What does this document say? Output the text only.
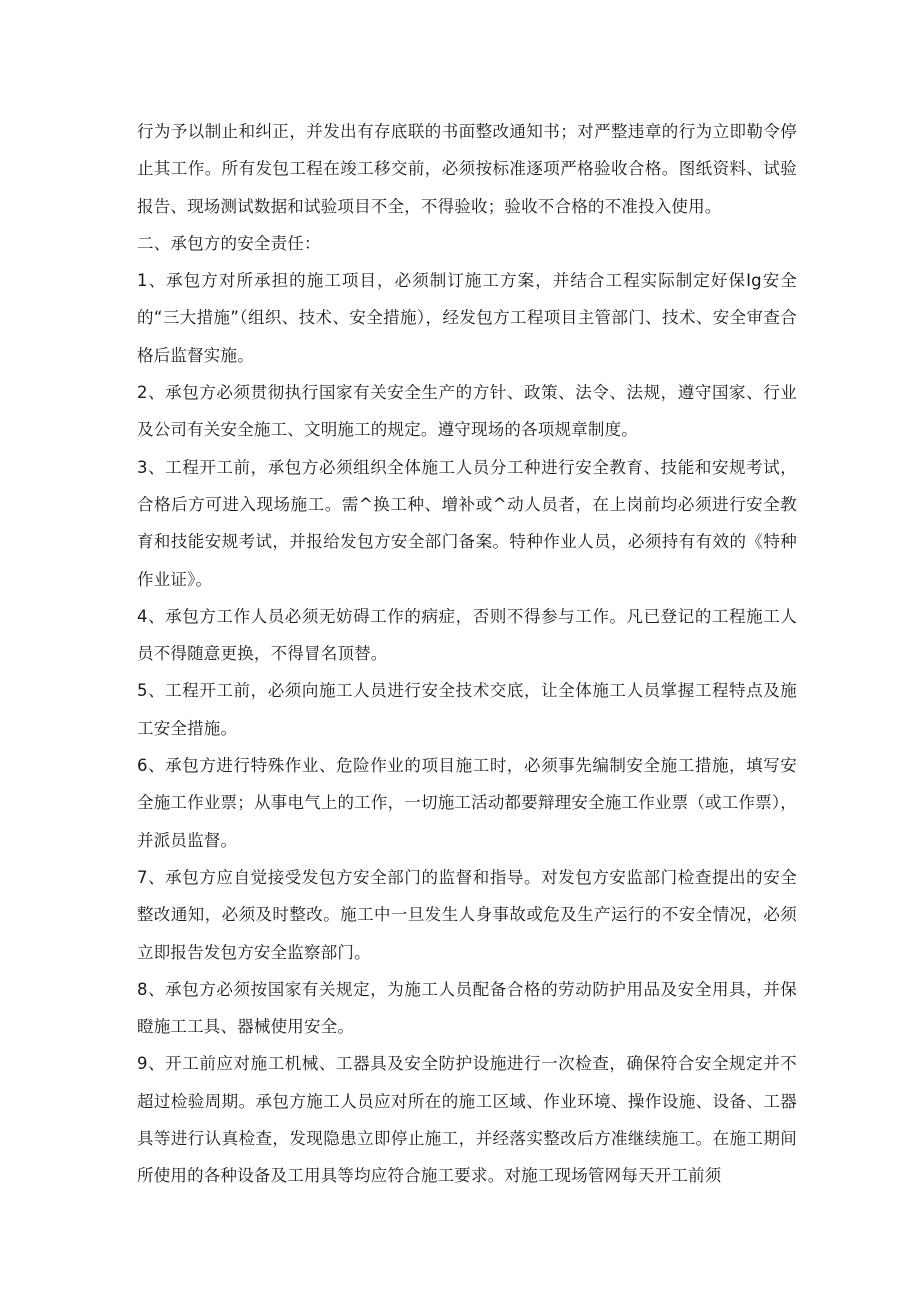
行为予以制止和纠正，并发出有存底联的书面整改通知书；对严整违章的行为立即勒令停止其工作。所有发包工程在竣工移交前，必须按标准逐项严格验收合格。图纸资料、试验报告、现场测试数据和试验项目不全，不得验收；验收不合格的不准投入使用。

二、承包方的安全责任：

1、承包方对所承担的施工项目，必须制订施工方案，并结合工程实际制定好保Ig安全的“三大措施”（组织、技术、安全措施），经发包方工程项目主管部门、技术、安全审查合格后监督实施。

2、承包方必须贯彻执行国家有关安全生产的方针、政策、法令、法规，遵守国家、行业及公司有关安全施工、文明施工的规定。遵守现场的各项规章制度。

3、工程开工前，承包方必须组织全体施工人员分工种进行安全教育、技能和安规考试，合格后方可进入现场施工。需^换工种、增补或^动人员者，在上岗前均必须进行安全教育和技能安规考试，并报给发包方安全部门备案。特种作业人员，必须持有有效的《特种作业证》。

4、承包方工作人员必须无妨碍工作的病症，否则不得参与工作。凡已登记的工程施工人员不得随意更换，不得冒名顶替。

5、工程开工前，必须向施工人员进行安全技术交底，让全体施工人员掌握工程特点及施工安全措施。

6、承包方进行特殊作业、危险作业的项目施工时，必须事先编制安全施工措施，填写安全施工作业票；从事电气上的工作，一切施工活动都要辩理安全施工作业票（或工作票），并派员监督。

7、承包方应自觉接受发包方安全部门的监督和指导。对发包方安监部门检查提出的安全整改通知，必须及时整改。施工中一旦发生人身事故或危及生产运行的不安全情况，必须立即报告发包方安全监察部门。

8、承包方必须按国家有关规定，为施工人员配备合格的劳动防护用品及安全用具，并保瞪施工工具、器械使用安全。

9、开工前应对施工机械、工器具及安全防护设施进行一次检查，确保符合安全规定并不超过检验周期。承包方施工人员应对所在的施工区域、作业环境、操作设施、设备、工器具等进行认真检查，发现隐患立即停止施工，并经落实整改后方准继续施工。在施工期间所使用的各种设备及工用具等均应符合施工要求。对施工现场管网每天开工前须
